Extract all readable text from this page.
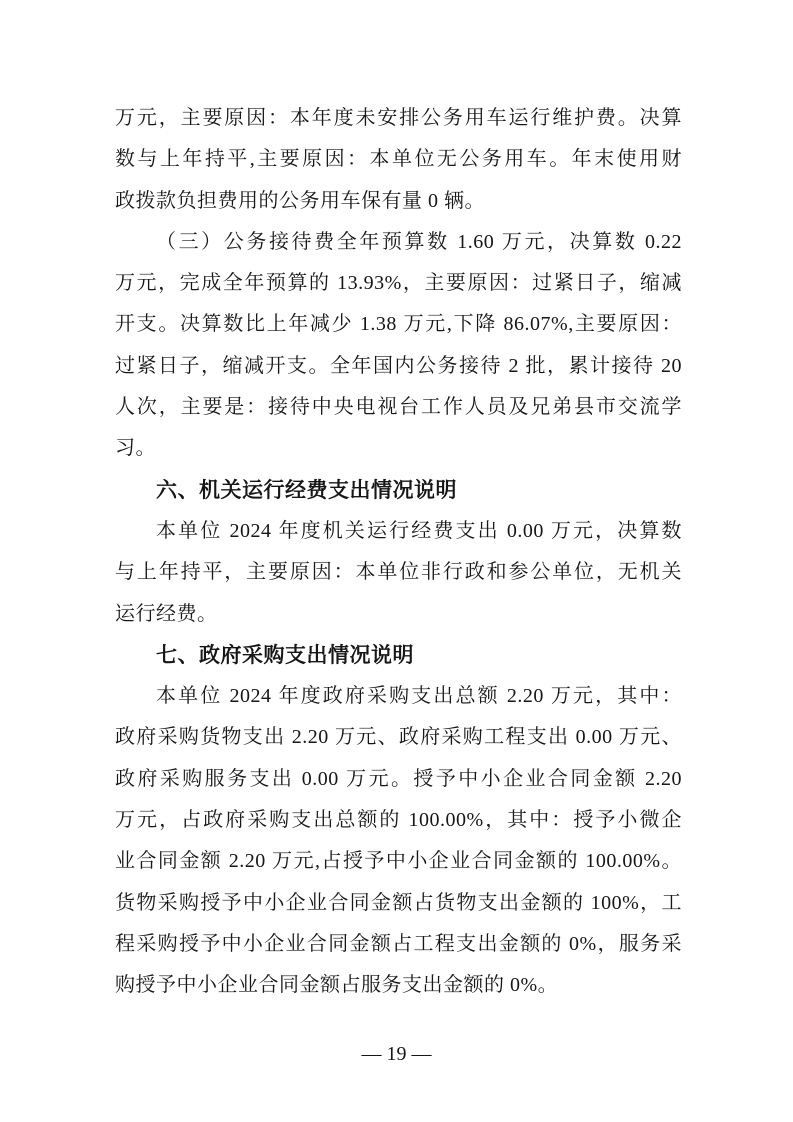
万元，主要原因：本年度未安排公务用车运行维护费。决算
数与上年持平,主要原因：本单位无公务用车。年末使用财
政拨款负担费用的公务用车保有量 0 辆。
（三）公务接待费全年预算数 1.60 万元，决算数 0.22
万元，完成全年预算的 13.93%，主要原因：过紧日子，缩减
开支。决算数比上年减少 1.38 万元,下降 86.07%,主要原因：
过紧日子，缩减开支。全年国内公务接待 2 批，累计接待 20
人次，主要是：接待中央电视台工作人员及兄弟县市交流学
习。
六、机关运行经费支出情况说明
本单位 2024 年度机关运行经费支出 0.00 万元，决算数
与上年持平，主要原因：本单位非行政和参公单位，无机关
运行经费。
七、政府采购支出情况说明
本单位 2024 年度政府采购支出总额 2.20 万元，其中：
政府采购货物支出 2.20 万元、政府采购工程支出 0.00 万元、
政府采购服务支出 0.00 万元。授予中小企业合同金额 2.20
万元，占政府采购支出总额的 100.00%，其中：授予小微企
业合同金额 2.20 万元,占授予中小企业合同金额的 100.00%。
货物采购授予中小企业合同金额占货物支出金额的 100%，工
程采购授予中小企业合同金额占工程支出金额的 0%，服务采
购授予中小企业合同金额占服务支出金额的 0%。
— 19 —
